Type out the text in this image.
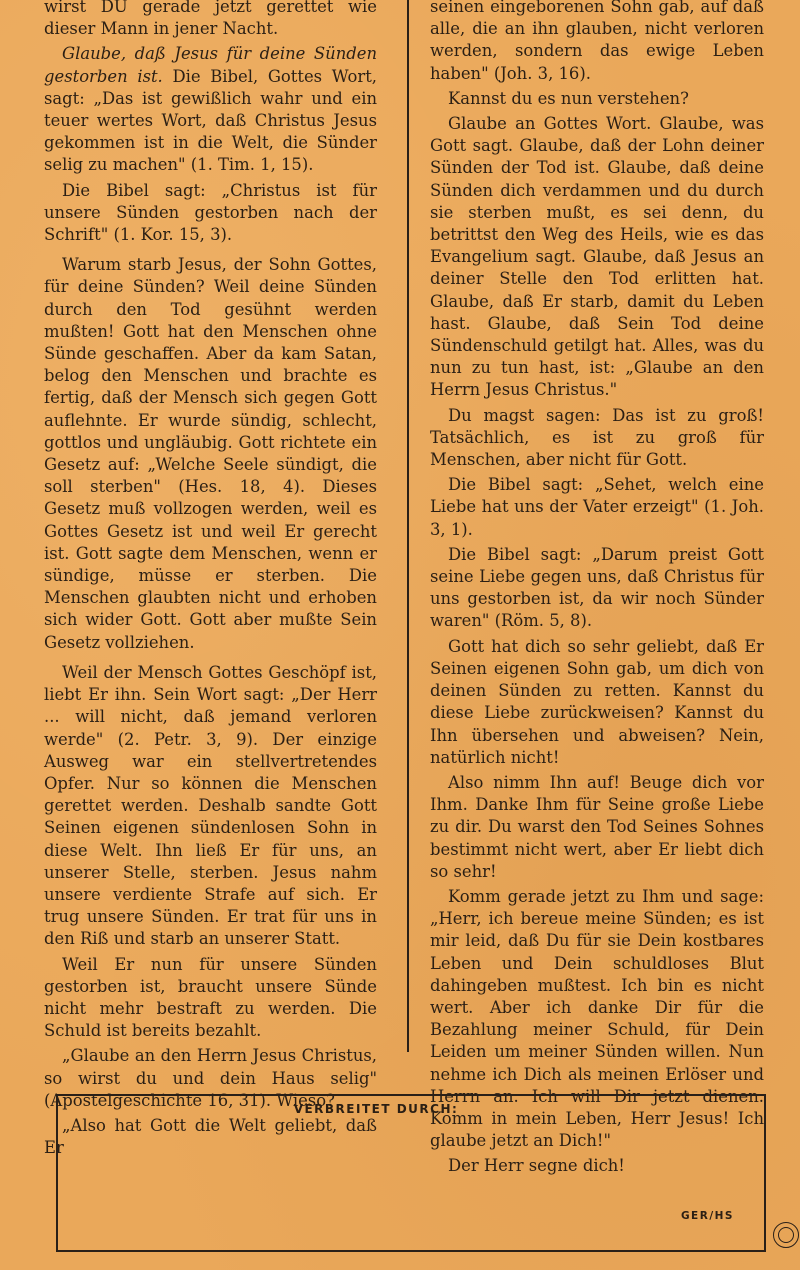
wirst DU gerade jetzt gerettet wie dieser Mann in jener Nacht.

Glaube, daß Jesus für deine Sünden gestorben ist. Die Bibel, Gottes Wort, sagt: „Das ist gewißlich wahr und ein teuer wertes Wort, daß Christus Jesus gekommen ist in die Welt, die Sünder selig zu machen" (1. Tim. 1, 15).

Die Bibel sagt: „Christus ist für unsere Sünden gestorben nach der Schrift" (1. Kor. 15, 3).

Warum starb Jesus, der Sohn Gottes, für deine Sünden? Weil deine Sünden durch den Tod gesühnt werden mußten! Gott hat den Menschen ohne Sünde geschaffen. Aber da kam Satan, belog den Menschen und brachte es fertig, daß der Mensch sich gegen Gott auflehnte. Er wurde sündig, schlecht, gottlos und ungläubig. Gott richtete ein Gesetz auf: „Welche Seele sündigt, die soll sterben" (Hes. 18, 4). Dieses Gesetz muß vollzogen werden, weil es Gottes Gesetz ist und weil Er gerecht ist. Gott sagte dem Menschen, wenn er sündige, müsse er sterben. Die Menschen glaubten nicht und erhoben sich wider Gott. Gott aber mußte Sein Gesetz vollziehen.

Weil der Mensch Gottes Geschöpf ist, liebt Er ihn. Sein Wort sagt: „Der Herr ... will nicht, daß jemand verloren werde" (2. Petr. 3, 9). Der einzige Ausweg war ein stellvertretendes Opfer. Nur so können die Menschen gerettet werden. Deshalb sandte Gott Seinen eigenen sündenlosen Sohn in diese Welt. Ihn ließ Er für uns, an unserer Stelle, sterben. Jesus nahm unsere verdiente Strafe auf sich. Er trug unsere Sünden. Er trat für uns in den Riß und starb an unserer Statt.

Weil Er nun für unsere Sünden gestorben ist, braucht unsere Sünde nicht mehr bestraft zu werden. Die Schuld ist bereits bezahlt.

„Glaube an den Herrn Jesus Christus, so wirst du und dein Haus selig" (Apostelgeschichte 16, 31). Wieso?

„Also hat Gott die Welt geliebt, daß Er

seinen eingeborenen Sohn gab, auf daß alle, die an ihn glauben, nicht verloren werden, sondern das ewige Leben haben" (Joh. 3, 16).

Kannst du es nun verstehen?

Glaube an Gottes Wort. Glaube, was Gott sagt. Glaube, daß der Lohn deiner Sünden der Tod ist. Glaube, daß deine Sünden dich verdammen und du durch sie sterben mußt, es sei denn, du betrittst den Weg des Heils, wie es das Evangelium sagt. Glaube, daß Jesus an deiner Stelle den Tod erlitten hat. Glaube, daß Er starb, damit du Leben hast. Glaube, daß Sein Tod deine Sündenschuld getilgt hat. Alles, was du nun zu tun hast, ist: „Glaube an den Herrn Jesus Christus."

Du magst sagen: Das ist zu groß! Tatsächlich, es ist zu groß für Menschen, aber nicht für Gott.

Die Bibel sagt: „Sehet, welch eine Liebe hat uns der Vater erzeigt" (1. Joh. 3, 1).

Die Bibel sagt: „Darum preist Gott seine Liebe gegen uns, daß Christus für uns gestorben ist, da wir noch Sünder waren" (Röm. 5, 8).

Gott hat dich so sehr geliebt, daß Er Seinen eigenen Sohn gab, um dich von deinen Sünden zu retten. Kannst du diese Liebe zurückweisen? Kannst du Ihn übersehen und abweisen? Nein, natürlich nicht!

Also nimm Ihn auf! Beuge dich vor Ihm. Danke Ihm für Seine große Liebe zu dir. Du warst den Tod Seines Sohnes bestimmt nicht wert, aber Er liebt dich so sehr!

Komm gerade jetzt zu Ihm und sage: „Herr, ich bereue meine Sünden; es ist mir leid, daß Du für sie Dein kostbares Leben und Dein schuldloses Blut dahingeben mußtest. Ich bin es nicht wert. Aber ich danke Dir für die Bezahlung meiner Schuld, für Dein Leiden um meiner Sünden willen. Nun nehme ich Dich als meinen Erlöser und Herrn an. Ich will Dir jetzt dienen. Komm in mein Leben, Herr Jesus! Ich glaube jetzt an Dich!"

Der Herr segne dich!

VERBREITET DURCH:
GER/HS
